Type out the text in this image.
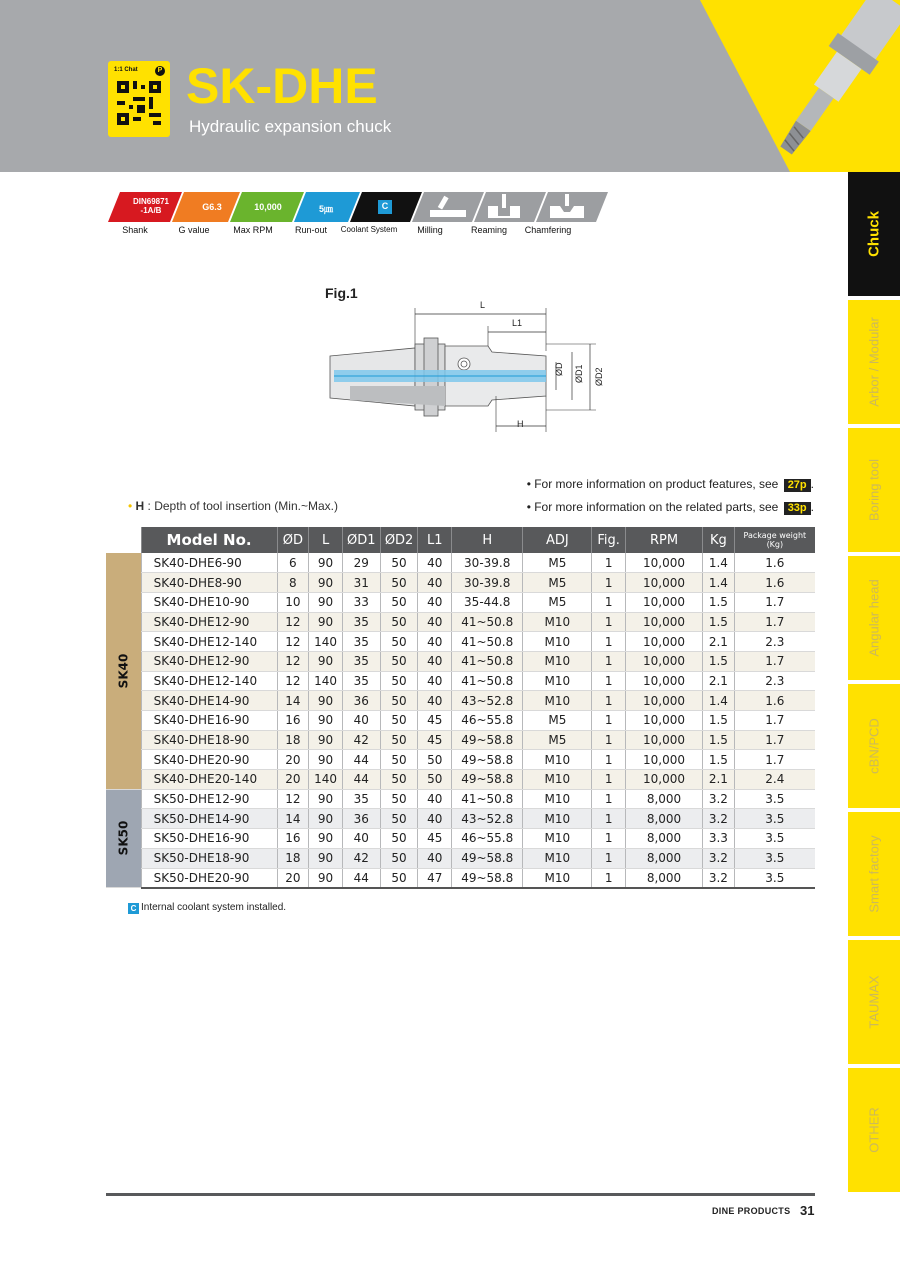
1:1 Chat	P SK-DHE
Hydraulic expansion chuck
Chuck
Arbor / Modular
Boring tool
Angular head
cBN/PCD
Smart factory
TAUMAX
OTHER
DIN69871
-1A/B	G6.3	10,000	5㎛	C
Shank	G value	Max RPM Run-out Coolant System Milling	Reaming Chamfering
Fig.1
L
L1
H
ØD ØD1 ØD2
• H : Depth of tool insertion (Min.~Max.)
• For more information on product features, see 27p .
• For more information on the related parts, see 33p .
	Model No.	ØD	L	ØD1	ØD2	L1	H	ADJ	Fig.	RPM	Kg	Package weight
(Kg)
SK40	SK40-DHE6-90	6	90	29	50	40	30-39.8	M5	1	10,000	1.4	1.6
	SK40-DHE8-90	8	90	31	50	40	30-39.8	M5	1	10,000	1.4	1.6
	SK40-DHE10-90	10	90	33	50	40	35-44.8	M5	1	10,000	1.5	1.7
	SK40-DHE12-90	12	90	35	50	40	41~50.8	M10	1	10,000	1.5	1.7
	SK40-DHE12-140	12	140	35	50	40	41~50.8	M10	1	10,000	2.1	2.3
	SK40-DHE12-90	12	90	35	50	40	41~50.8	M10	1	10,000	1.5	1.7
	SK40-DHE12-140	12	140	35	50	40	41~50.8	M10	1	10,000	2.1	2.3
	SK40-DHE14-90	14	90	36	50	40	43~52.8	M10	1	10,000	1.4	1.6
	SK40-DHE16-90	16	90	40	50	45	46~55.8	M5	1	10,000	1.5	1.7
	SK40-DHE18-90	18	90	42	50	45	49~58.8	M5	1	10,000	1.5	1.7
	SK40-DHE20-90	20	90	44	50	50	49~58.8	M10	1	10,000	1.5	1.7
	SK40-DHE20-140	20	140	44	50	50	49~58.8	M10	1	10,000	2.1	2.4
SK50	SK50-DHE12-90	12	90	35	50	40	41~50.8	M10	1	8,000	3.2	3.5
	SK50-DHE14-90	14	90	36	50	40	43~52.8	M10	1	8,000	3.2	3.5
	SK50-DHE16-90	16	90	40	50	45	46~55.8	M10	1	8,000	3.3	3.5
	SK50-DHE18-90	18	90	42	50	40	49~58.8	M10	1	8,000	3.2	3.5
	SK50-DHE20-90	20	90	44	50	47	49~58.8	M10	1	8,000	3.2	3.5
C Internal coolant system installed.
DINE PRODUCTS 31
